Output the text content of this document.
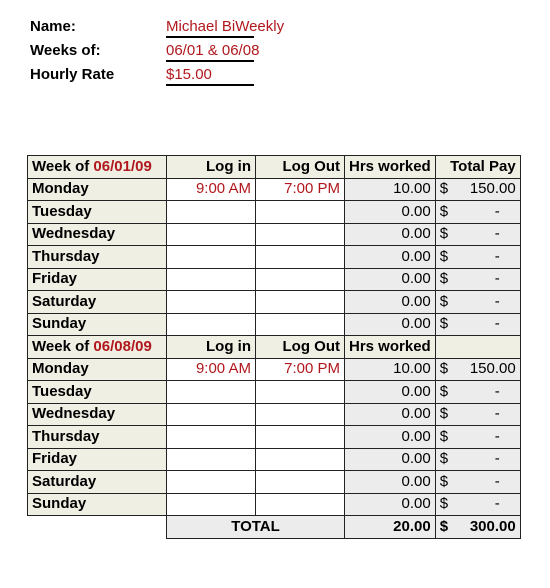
Name:	Michael BiWeekly
Weeks of:	06/01 & 06/08
Hourly Rate	$15.00
Week of 06/01/09	Log in	Log Out	Hrs worked	Total Pay
Monday	9:00 AM	7:00 PM	10.00	$ 150.00

Tuesday			0.00	$ -

Wednesday			0.00	$ -

Thursday			0.00	$ -

Friday			0.00	$ -

Saturday			0.00	$ -

Sunday			0.00	$ -

Week of 06/08/09	Log in	Log Out	Hrs worked	
Monday	9:00 AM	7:00 PM	10.00	$ 150.00

Tuesday			0.00	$ -

Wednesday			0.00	$ -

Thursday			0.00	$ -

Friday			0.00	$ -

Saturday			0.00	$ -

Sunday			0.00	$ -

	TOTAL		20.00	$ 300.00
